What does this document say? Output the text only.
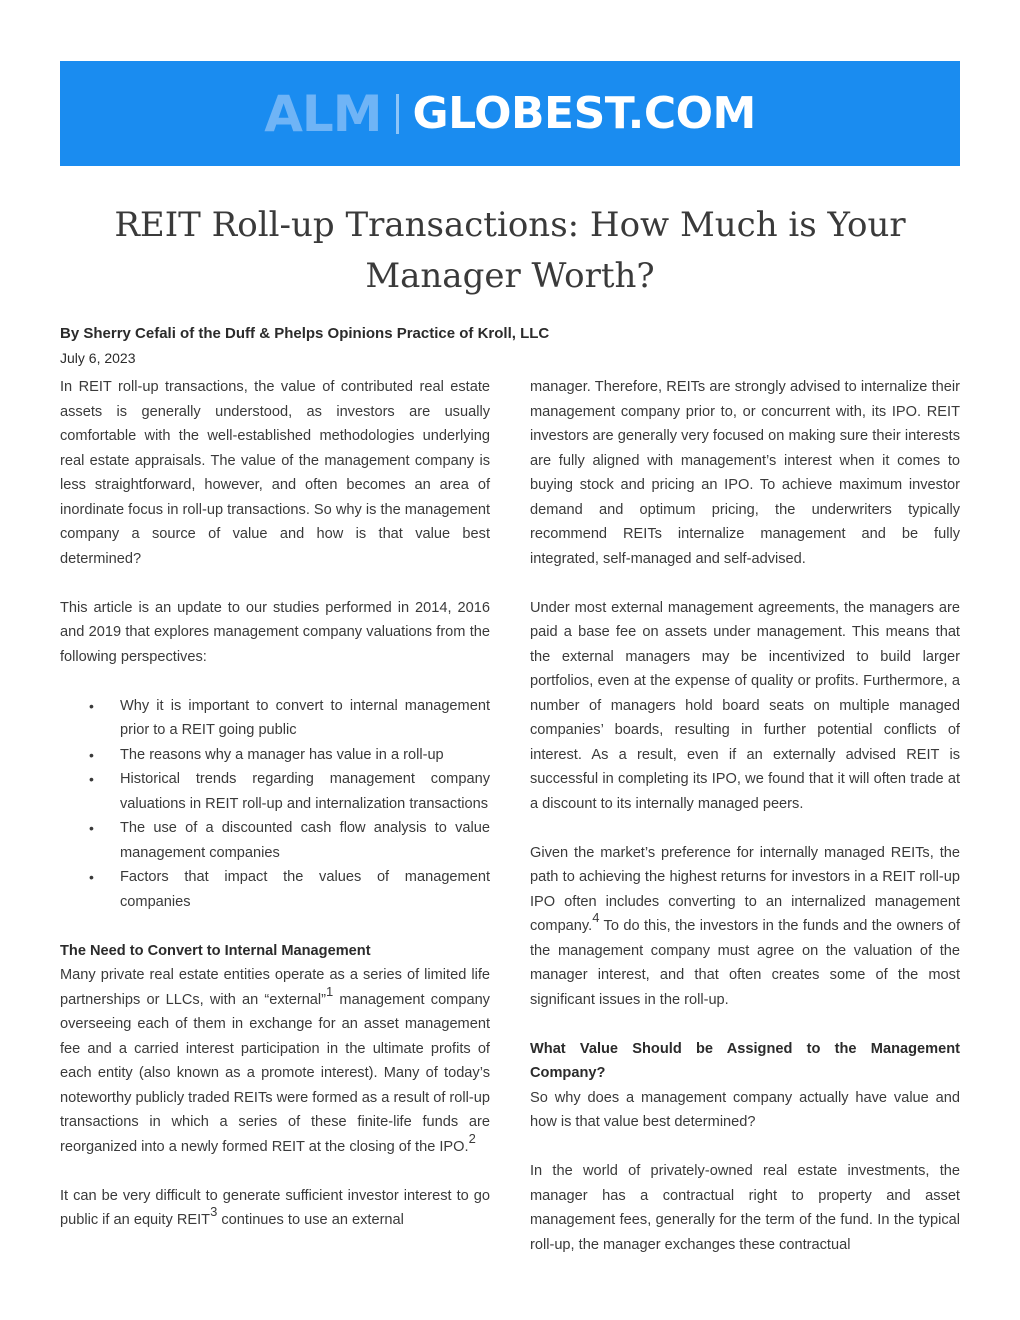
ALM GLOBEST.COM
REIT Roll-up Transactions: How Much is Your
Manager Worth?
By Sherry Cefali of the Duff & Phelps Opinions Practice of Kroll, LLC
July 6, 2023

In REIT roll-up transactions, the value of contributed real estate assets is generally understood, as investors are usually comfortable with the well-established methodologies underlying real estate appraisals. The value of the management company is less straightforward, however, and often becomes an area of inordinate focus in roll-up transactions. So why is the management company a source of value and how is that value best determined?

This article is an update to our studies performed in 2014, 2016 and 2019 that explores management company valuations from the following perspectives:

• Why it is important to convert to internal management prior to a REIT going public
• The reasons why a manager has value in a roll-up
• Historical trends regarding management company valuations in REIT roll-up and internalization transactions
• The use of a discounted cash flow analysis to value management companies
• Factors that impact the values of management companies
The Need to Convert to Internal Management

Many private real estate entities operate as a series of limited life partnerships or LLCs, with an “external”$^1$ management company overseeing each of them in exchange for an asset management fee and a carried interest participation in the ultimate profits of each entity (also known as a promote interest). Many of today’s noteworthy publicly traded REITs were formed as a result of roll-up transactions in which a series of these finite-life funds are reorganized into a newly formed REIT at the closing of the IPO.$^2$

It can be very difficult to generate sufficient investor interest to go public if an equity REIT$^3$ continues to use an external

manager. Therefore, REITs are strongly advised to internalize their management company prior to, or concurrent with, its IPO. REIT investors are generally very focused on making sure their interests are fully aligned with management’s interest when it comes to buying stock and pricing an IPO. To achieve maximum investor demand and optimum pricing, the underwriters typically recommend REITs internalize management and be fully integrated, self-managed and self-advised.

Under most external management agreements, the managers are paid a base fee on assets under management. This means that the external managers may be incentivized to build larger portfolios, even at the expense of quality or profits. Furthermore, a number of managers hold board seats on multiple managed companies’ boards, resulting in further potential conflicts of interest. As a result, even if an externally advised REIT is successful in completing its IPO, we found that it will often trade at a discount to its internally managed peers.

Given the market’s preference for internally managed REITs, the path to achieving the highest returns for investors in a REIT roll-up IPO often includes converting to an internalized management company.$^4$ To do this, the investors in the funds and the owners of the management company must agree on the valuation of the manager interest, and that often creates some of the most significant issues in the roll-up.

What Value Should be Assigned to the Management
Company?

So why does a management company actually have value and how is that value best determined?

In the world of privately-owned real estate investments, the manager has a contractual right to property and asset management fees, generally for the term of the fund. In the typical roll-up, the manager exchanges these contractual
